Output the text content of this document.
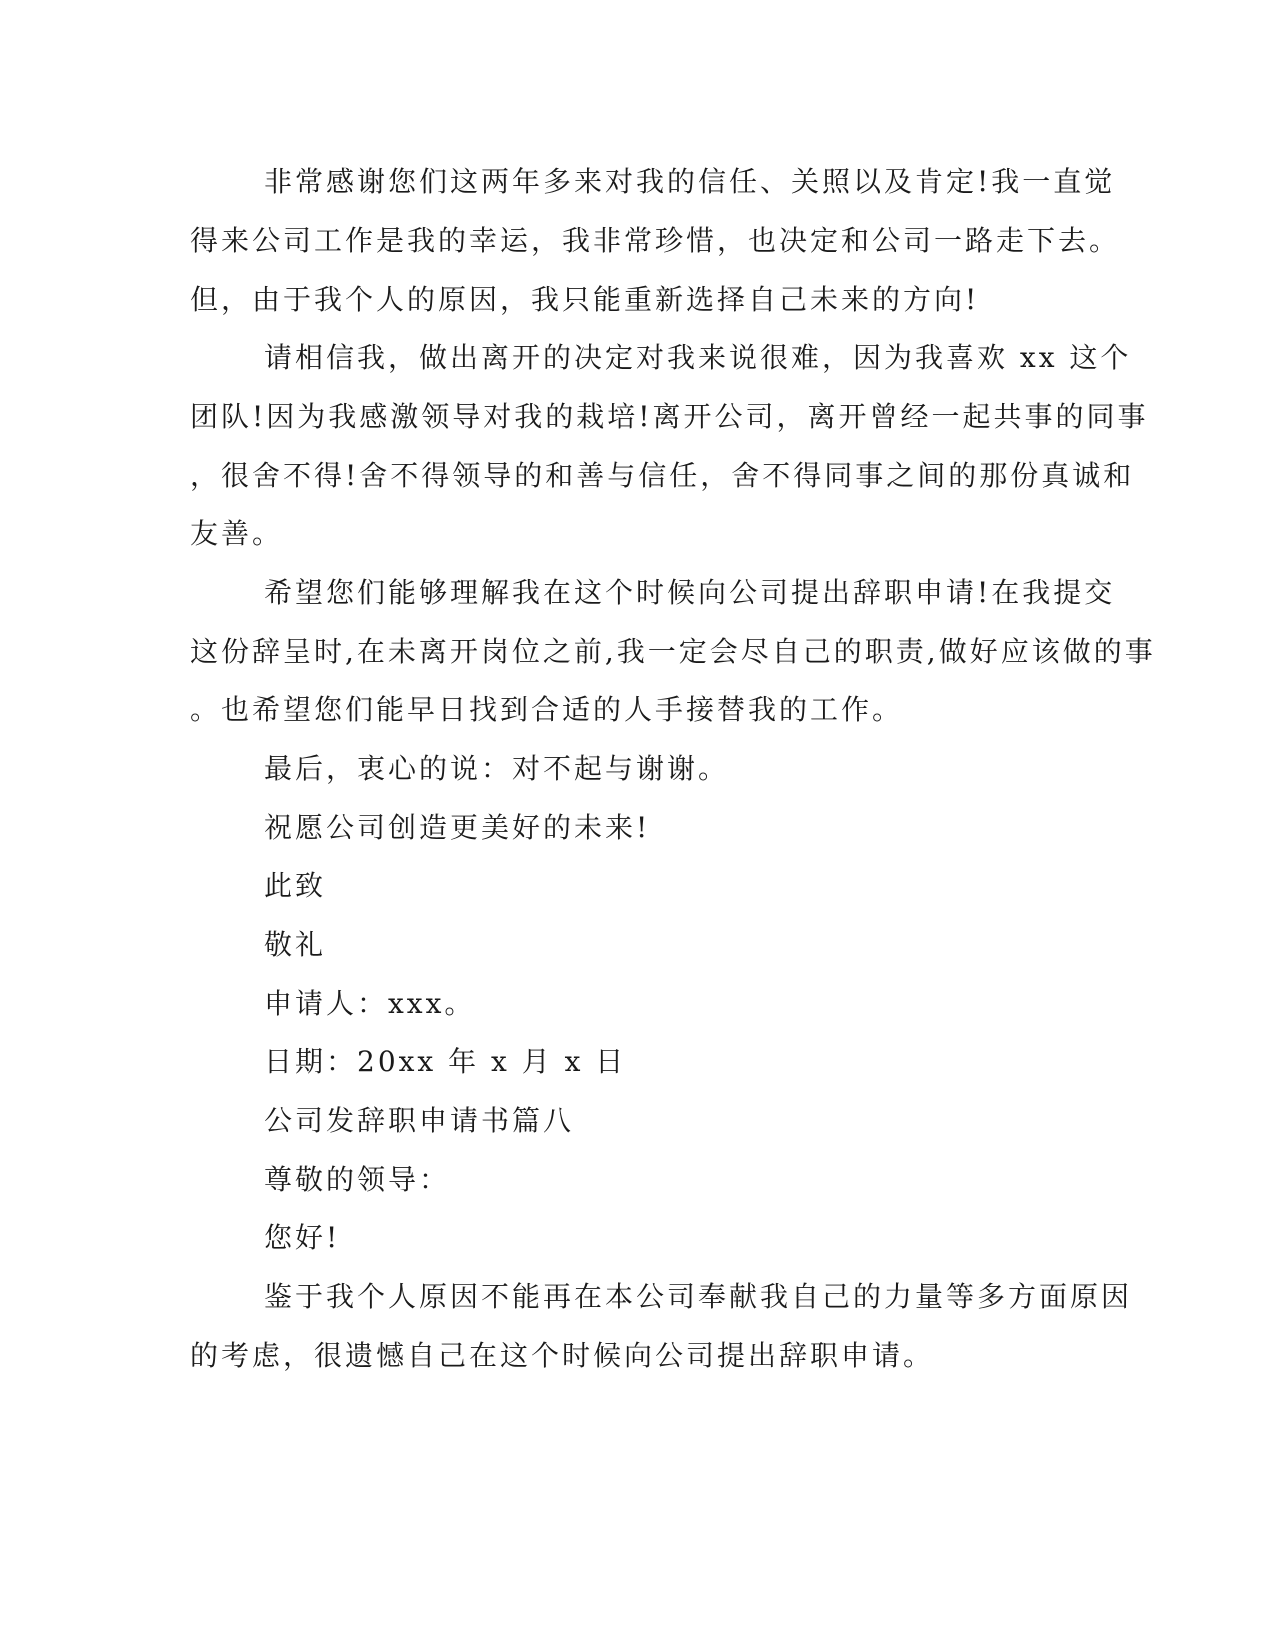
非常感谢您们这两年多来对我的信任、关照以及肯定!我一直觉
得来公司工作是我的幸运，我非常珍惜，也决定和公司一路走下去。
但，由于我个人的原因，我只能重新选择自己未来的方向!
请相信我，做出离开的决定对我来说很难，因为我喜欢 xx 这个
团队!因为我感激领导对我的栽培!离开公司，离开曾经一起共事的同事
，很舍不得!舍不得领导的和善与信任，舍不得同事之间的那份真诚和
友善。
希望您们能够理解我在这个时候向公司提出辞职申请!在我提交
这份辞呈时,在未离开岗位之前,我一定会尽自己的职责,做好应该做的事
。也希望您们能早日找到合适的人手接替我的工作。
最后，衷心的说：对不起与谢谢。
祝愿公司创造更美好的未来!
此致
敬礼
申请人：xxx。
日期：20xx 年 x 月 x 日
公司发辞职申请书篇八
尊敬的领导：
您好!
鉴于我个人原因不能再在本公司奉献我自己的力量等多方面原因
的考虑，很遗憾自己在这个时候向公司提出辞职申请。
